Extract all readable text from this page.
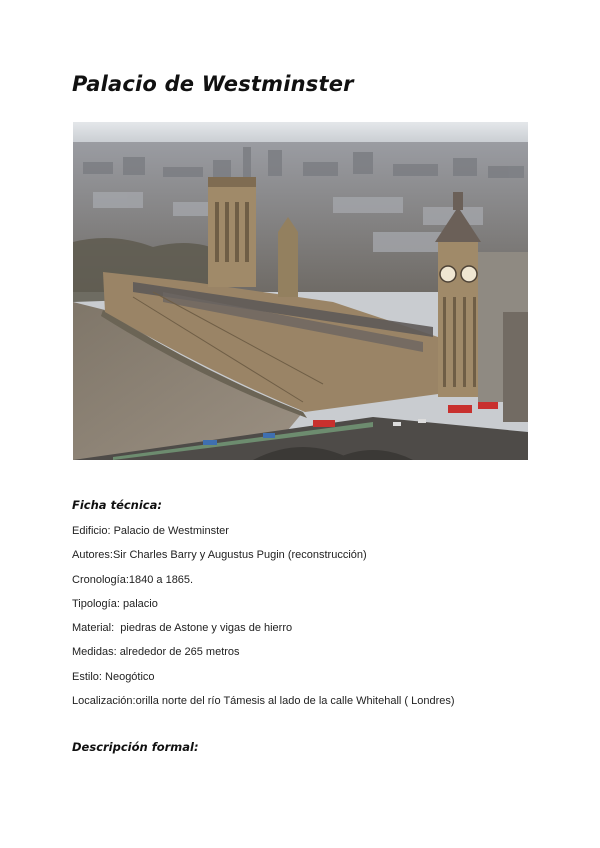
Palacio de Westminster
Ficha técnica:
Edificio: Palacio de Westminster
Autores:Sir Charles Barry y Augustus Pugin (reconstrucción)
Cronología:1840 a 1865.
Tipología: palacio
Material:  piedras de Astone y vigas de hierro
Medidas: alrededor de 265 metros
Estilo: Neogótico
Localización:orilla norte del río Támesis al lado de la calle Whitehall ( Londres)
Descripción formal:
